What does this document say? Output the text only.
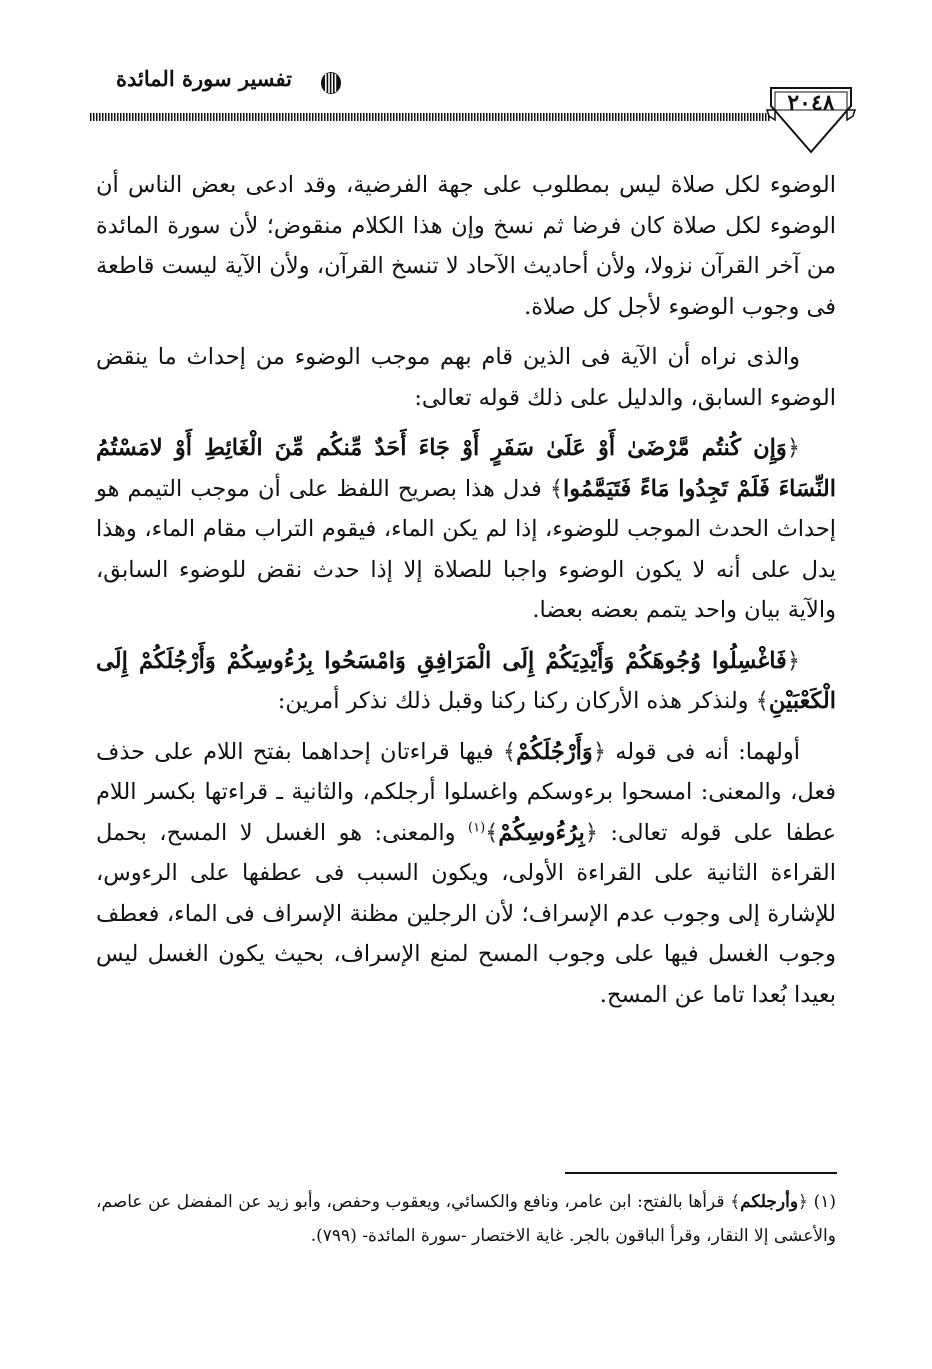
تفسير سورة المائدة
٢٠٤٨

الوضوء لكل صلاة ليس بمطلوب على جهة الفرضية، وقد ادعى بعض الناس أن الوضوء لكل صلاة كان فرضا ثم نسخ وإن هذا الكلام منقوض؛ لأن سورة المائدة من آخر القرآن نزولا، ولأن أحاديث الآحاد لا تنسخ القرآن، ولأن الآية ليست قاطعة فى وجوب الوضوء لأجل كل صلاة.

والذى نراه أن الآية فى الذين قام بهم موجب الوضوء من إحداث ما ينقض الوضوء السابق، والدليل على ذلك قوله تعالى:

﴿وَإِن كُنتُم مَّرْضَىٰ أَوْ عَلَىٰ سَفَرٍ أَوْ جَاءَ أَحَدٌ مِّنكُم مِّنَ الْغَائِطِ أَوْ لامَسْتُمُ النِّسَاءَ فَلَمْ تَجِدُوا مَاءً فَتَيَمَّمُوا﴾ فدل هذا بصريح اللفظ على أن موجب التيمم هو إحداث الحدث الموجب للوضوء، إذا لم يكن الماء، فيقوم التراب مقام الماء، وهذا يدل على أنه لا يكون الوضوء واجبا للصلاة إلا إذا حدث نقض للوضوء السابق، والآية بيان واحد يتمم بعضه بعضا.

﴿فَاغْسِلُوا وُجُوهَكُمْ وَأَيْدِيَكُمْ إِلَى الْمَرَافِقِ وَامْسَحُوا بِرُءُوسِكُمْ وَأَرْجُلَكُمْ إِلَى الْكَعْبَيْنِ﴾ ولنذكر هذه الأركان ركنا ركنا وقبل ذلك نذكر أمرين:

أولهما: أنه فى قوله ﴿وَأَرْجُلَكُمْ﴾ فيها قراءتان إحداهما بفتح اللام على حذف فعل، والمعنى: امسحوا برءوسكم واغسلوا أرجلكم، والثانية ـ قراءتها بكسر اللام عطفا على قوله تعالى: ﴿بِرُءُوسِكُمْ﴾$^{(١)}$ والمعنى: هو الغسل لا المسح، بحمل القراءة الثانية على القراءة الأولى، ويكون السبب فى عطفها على الرءوس، للإشارة إلى وجوب عدم الإسراف؛ لأن الرجلين مظنة الإسراف فى الماء، فعطف وجوب الغسل فيها على وجوب المسح لمنع الإسراف، بحيث يكون الغسل ليس بعيدا بُعدا تاما عن المسح.

(١) ﴿وأرجلكم﴾ قرأها بالفتح: ابن عامر، ونافع والكسائي، ويعقوب وحفص، وأبو زيد عن المفضل عن عاصم، والأعشى إلا النقار، وقرأ الباقون بالجر. غاية الاختصار -سورة المائدة- (٧٩٩).
